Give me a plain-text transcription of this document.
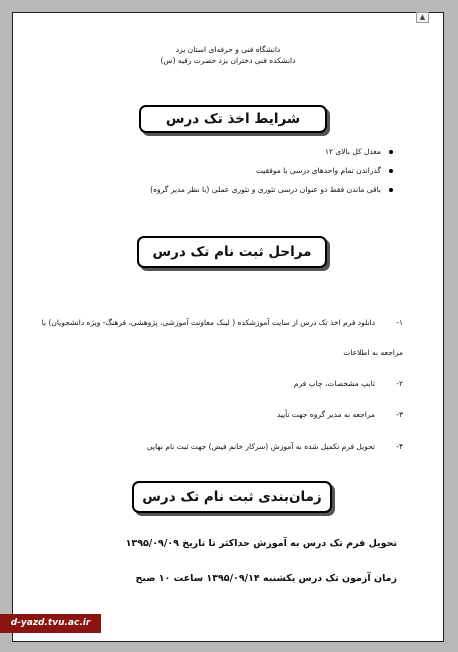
▲
دانشگاه فنی و حرفه‌ای استان یزد
دانشکده فنی دختران یزد حضرت رقیه (س)
شرایط اخذ تک درس
معدل کل بالای ۱۲
گذراندن تمام واحدهای درسی با موفقیت
باقی ماندن فقط دو عنوان درسی تئوری و تئوری عملی (با نظر مدیر گروه)
مراحل ثبت نام تک درس
۱-دانلود فرم اخذ تک درس از سایت آموزشکده ( لینک معاونت آموزشی، پژوهشی، فرهنگ- ویژه دانشجویان) با
مراجعه به اطلاعات
۲-تایپ مشخصات، چاپ فرم
۳-مراجعه به مدیر گروه جهت تأیید
۴-تحویل فرم تکمیل شده به آموزش (سرکار خانم فیض) جهت ثبت نام نهایی
زمان‌بندی ثبت نام تک درس
تحویل فرم تک درس به آموزش حداکثر تا تاریخ ۱۳۹۵/۰۹/۰۹
زمان آزمون تک درس یکشنبه ۱۳۹۵/۰۹/۱۴ ساعت ۱۰ صبح
d-yazd.tvu.ac.ir
